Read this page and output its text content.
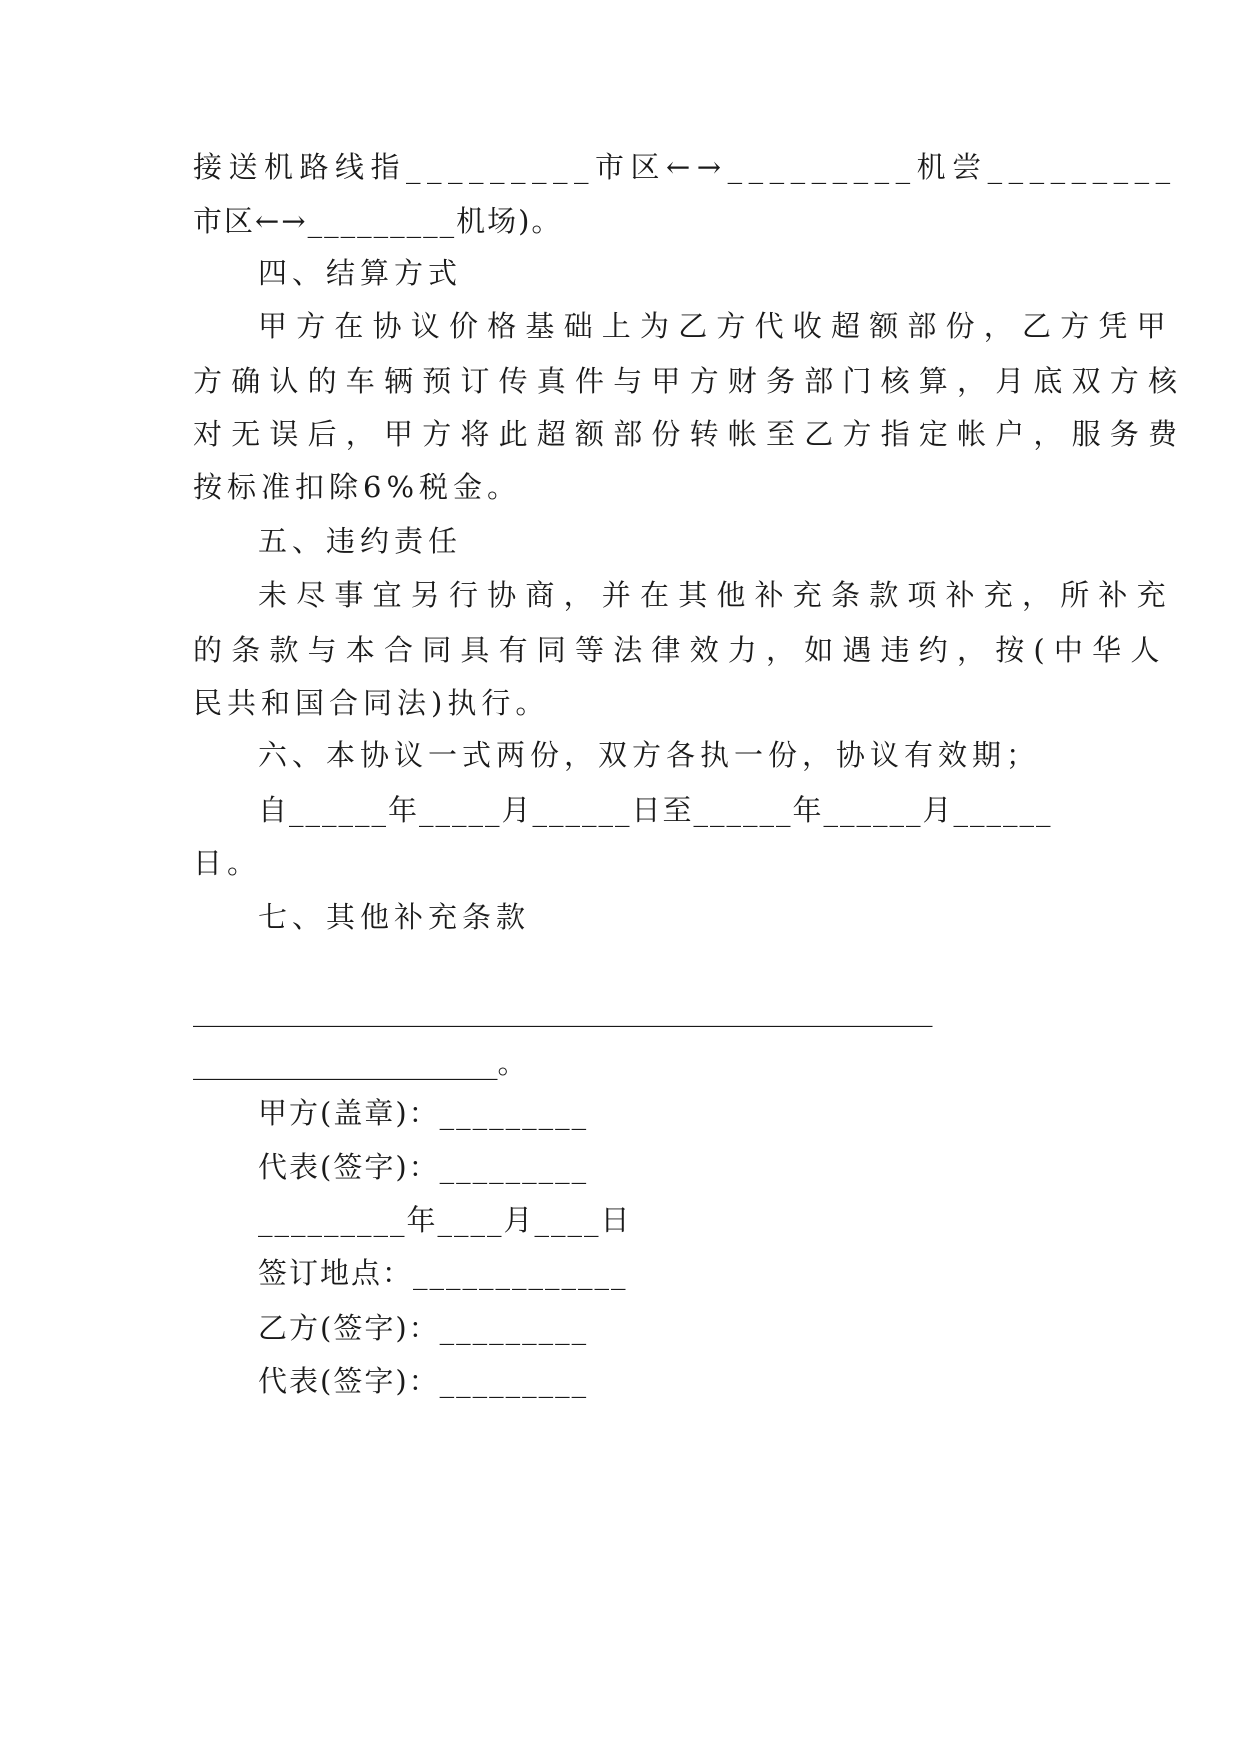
接送机路线指_________市区←→_________机尝_________
市区←→_________机场)。
四、结算方式
甲方在协议价格基础上为乙方代收超额部份，乙方凭甲
方确认的车辆预订传真件与甲方财务部门核算，月底双方核
对无误后，甲方将此超额部份转帐至乙方指定帐户，服务费
按标准扣除6%税金。
五、违约责任
未尽事宜另行协商，并在其他补充条款项补充，所补充
的条款与本合同具有同等法律效力，如遇违约，按(中华人
民共和国合同法)执行。
六、本协议一式两份，双方各执一份，协议有效期；
自______年_____月______日至______年______月______
日。
七、其他补充条款
___________________________________________________
_____________________。
甲方(盖章)：_________
代表(签字)：_________
_________年____月____日
签订地点：_____________
乙方(签字)：_________
代表(签字)：_________
